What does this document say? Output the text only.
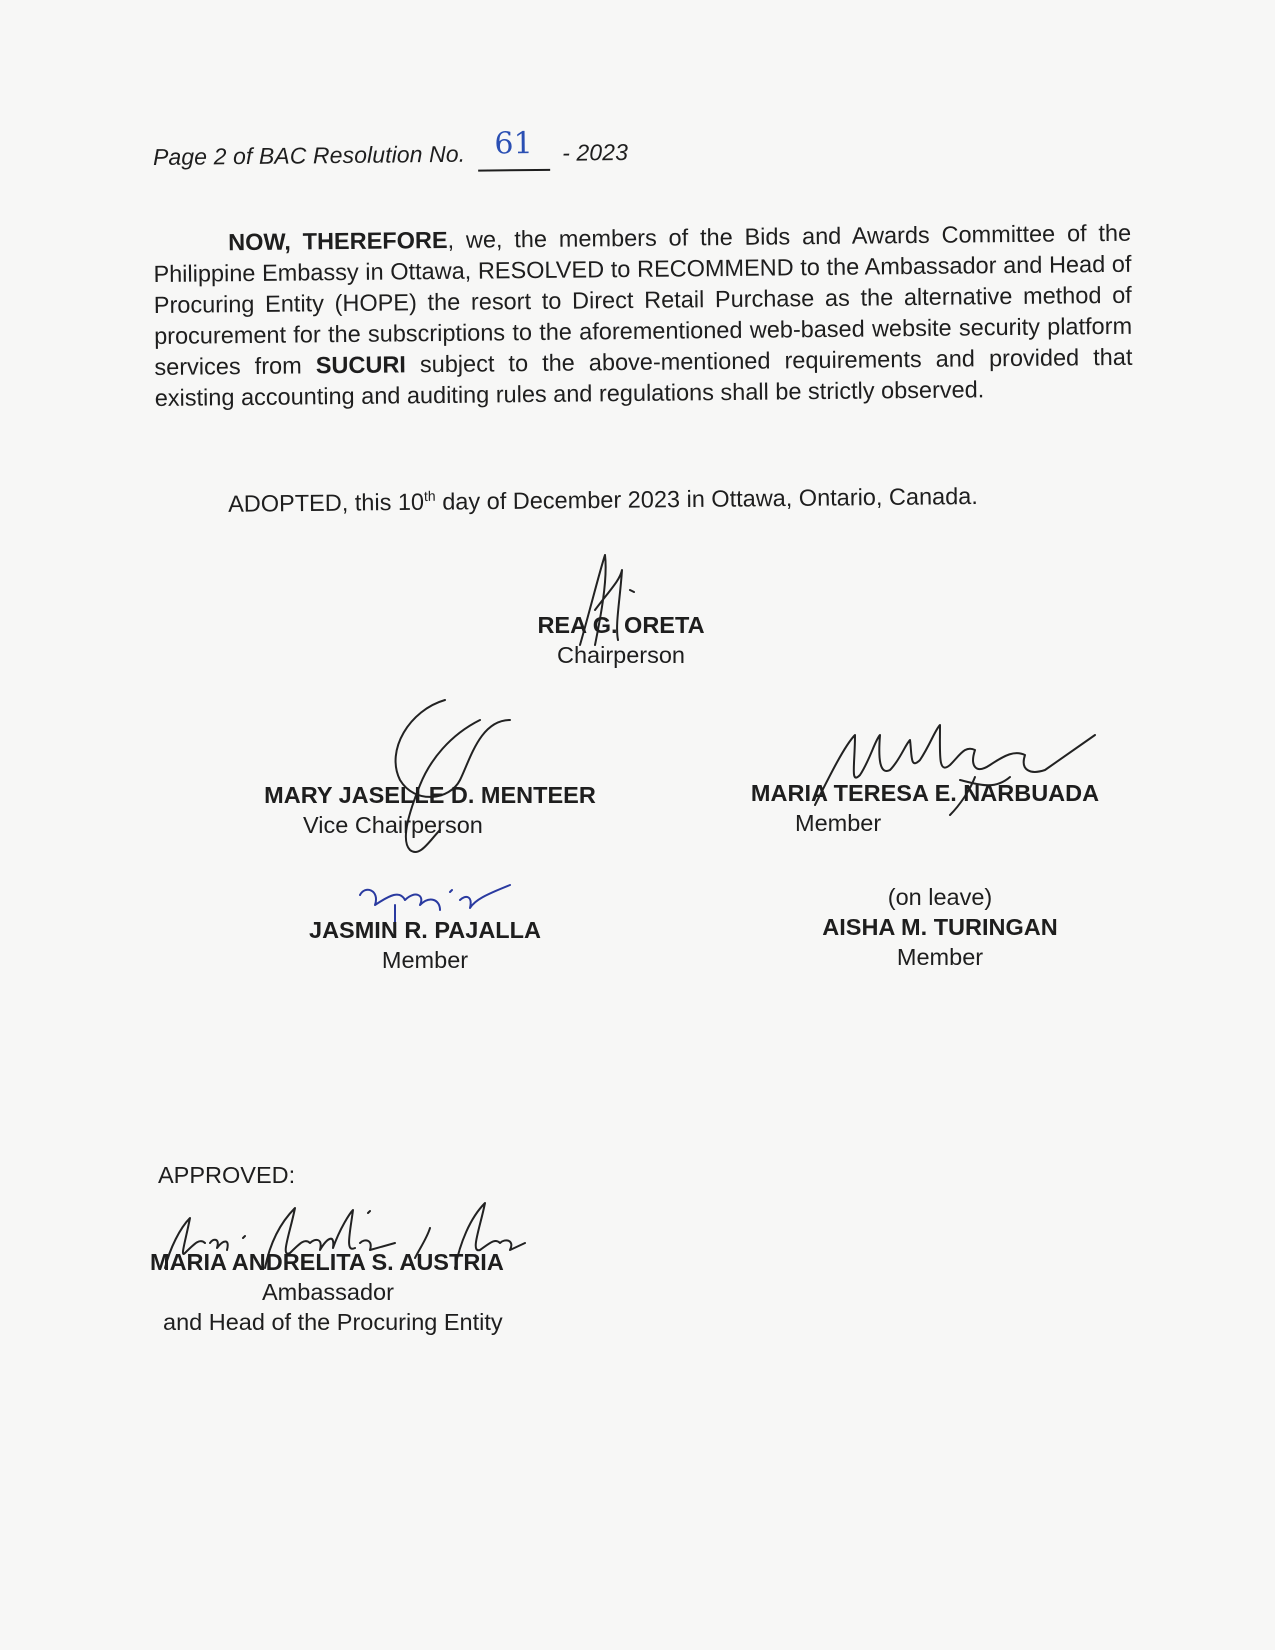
Page 2 of BAC Resolution No. 61 - 2023

NOW, THEREFORE, we, the members of the Bids and Awards Committee of the Philippine Embassy in Ottawa, RESOLVED to RECOMMEND to the Ambassador and Head of Procuring Entity (HOPE) the resort to Direct Retail Purchase as the alternative method of procurement for the subscriptions to the aforementioned web-based website security platform services from SUCURI subject to the above-mentioned requirements and provided that existing accounting and auditing rules and regulations shall be strictly observed.

ADOPTED, this 10th day of December 2023 in Ottawa, Ontario, Canada.
REA G. ORETA
Chairperson
MARY JASELLE D. MENTEER
Vice Chairperson
MARIA TERESA E. NARBUADA
Member
JASMIN R. PAJALLA
Member
(on leave)
AISHA M. TURINGAN
Member
APPROVED:
MARIA ANDRELITA S. AUSTRIA
Ambassador
and Head of the Procuring Entity
